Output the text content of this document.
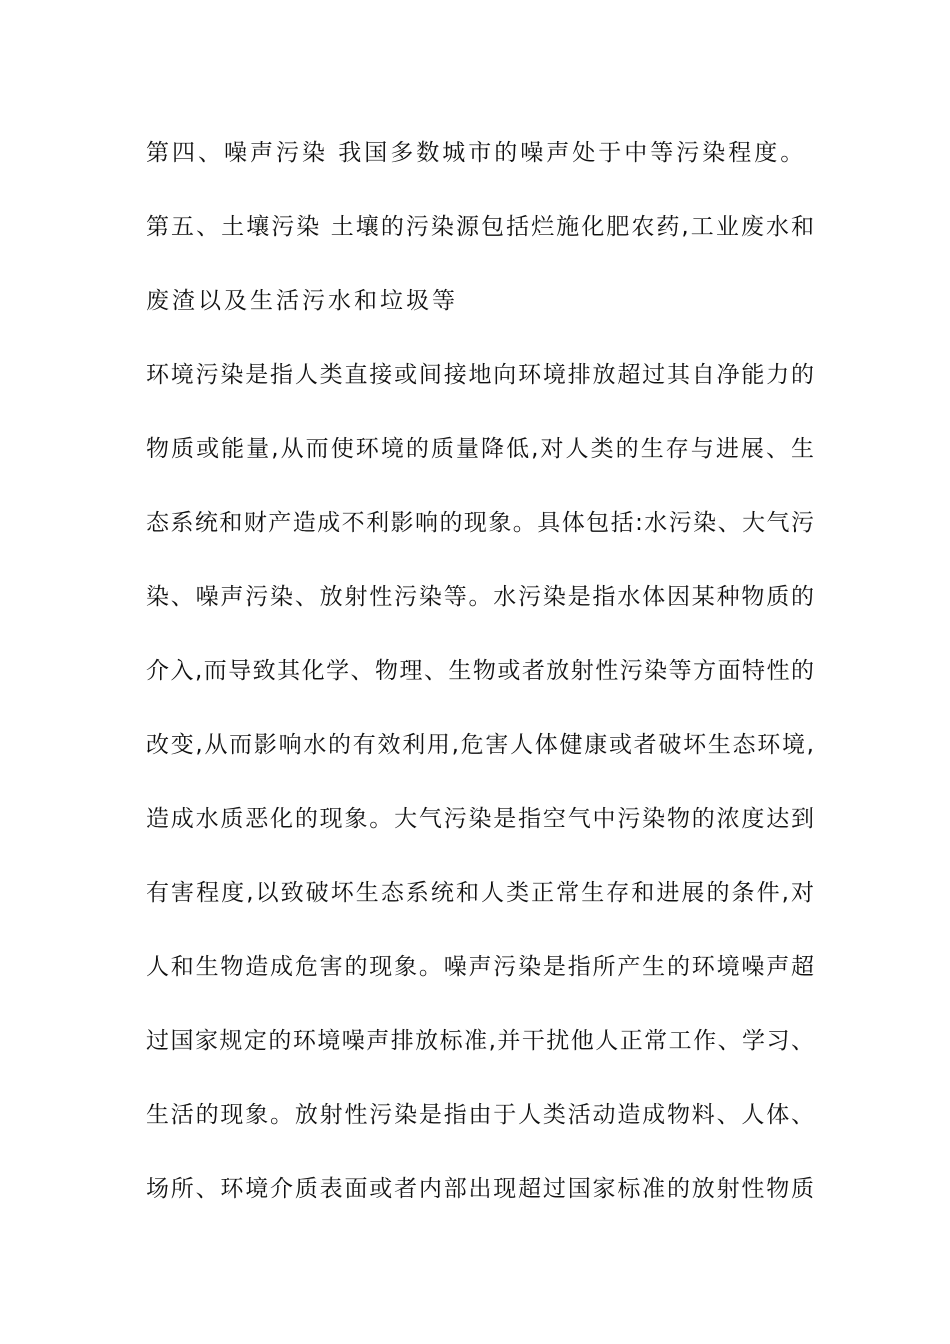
第四、噪声污染 我国多数城市的噪声处于中等污染程度。
第五、土壤污染 土壤的污染源包括烂施化肥农药,工业废水和
废渣以及生活污水和垃圾等
环境污染是指人类直接或间接地向环境排放超过其自净能力的
物质或能量,从而使环境的质量降低,对人类的生存与进展、生
态系统和财产造成不利影响的现象。具体包括:水污染、大气污
染、噪声污染、放射性污染等。水污染是指水体因某种物质的
介入,而导致其化学、物理、生物或者放射性污染等方面特性的
改变,从而影响水的有效利用,危害人体健康或者破坏生态环境,
造成水质恶化的现象。大气污染是指空气中污染物的浓度达到
有害程度,以致破坏生态系统和人类正常生存和进展的条件,对
人和生物造成危害的现象。噪声污染是指所产生的环境噪声超
过国家规定的环境噪声排放标准,并干扰他人正常工作、学习、
生活的现象。放射性污染是指由于人类活动造成物料、人体、
场所、环境介质表面或者内部出现超过国家标准的放射性物质
